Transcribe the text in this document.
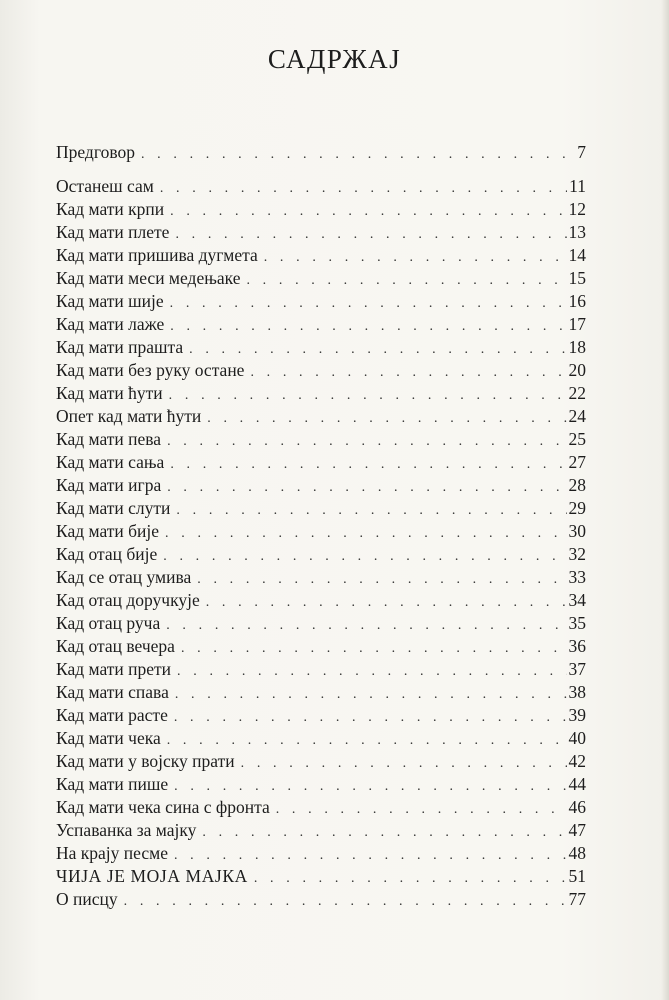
САДРЖАЈ
Предговор . . .	7
Останеш сам . . .	11
Кад мати крпи . . .	12
Кад мати плете . . .	13
Кад мати пришива дугмета . . .	14
Кад мати меси медењаке . . .	15
Кад мати шије . . .	16
Кад мати лаже . . .	17
Кад мати прашта . . .	18
Кад мати без руку остане . . .	20
Кад мати ћути . . .	22
Опет кад мати ћути . . .	24
Кад мати пева . . .	25
Кад мати сања . . .	27
Кад мати игра . . .	28
Кад мати слути . . .	29
Кад мати бије . . .	30
Кад отац бије . . .	32
Кад се отац умива . . .	33
Кад отац доручкује . . .	34
Кад отац руча . . .	35
Кад отац вечера . . .	36
Кад мати прети . . .	37
Кад мати спава . . .	38
Кад мати расте . . .	39
Кад мати чека . . .	40
Кад мати у војску прати . . .	42
Кад мати пише . . .	44
Кад мати чека сина с фронта . . .	46
Успаванка за мајку . . .	47
На крају песме . . .	48
ЧИЈА ЈЕ МОЈА МАЈКА . . .	51
О писцу . . .	77
